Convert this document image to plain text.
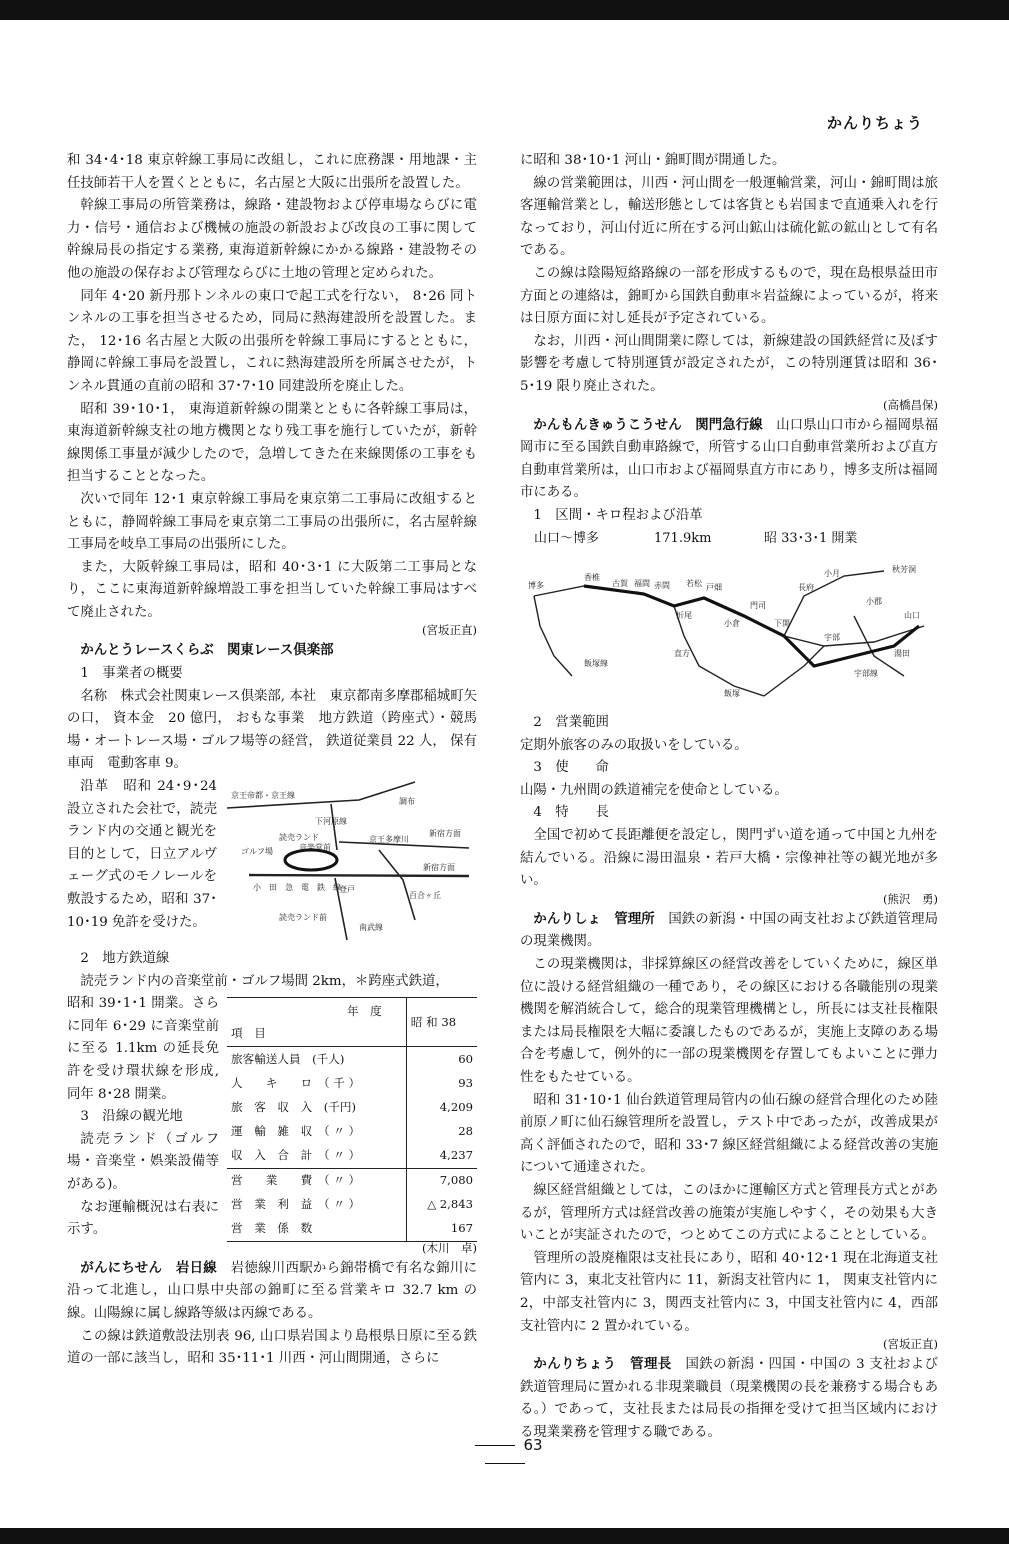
かんりちょう

和 34･4･18 東京幹線工事局に改組し，これに庶務課・用地課・主任技師若干人を置くとともに，名古屋と大阪に出張所を設置した。

幹線工事局の所管業務は，線路・建設物および停車場ならびに電力・信号・通信および機械の施設の新設および改良の工事に関して幹線局長の指定する業務, 東海道新幹線にかかる線路・建設物その他の施設の保存および管理ならびに土地の管理と定められた。

同年 4･20 新丹那トンネルの東口で起工式を行ない， 8･26 同トンネルの工事を担当させるため，同局に熱海建設所を設置した。また， 12･16 名古屋と大阪の出張所を幹線工事局にするとともに，静岡に幹線工事局を設置し，これに熱海建設所を所属させたが，トンネル貫通の直前の昭和 37･7･10 同建設所を廃止した。

昭和 39･10･1， 東海道新幹線の開業とともに各幹線工事局は，東海道新幹線支社の地方機関となり残工事を施行していたが，新幹線関係工事量が減少したので，急増してきた在来線関係の工事をも担当することとなった。

次いで同年 12･1 東京幹線工事局を東京第二工事局に改組するとともに，静岡幹線工事局を東京第二工事局の出張所に，名古屋幹線工事局を岐阜工事局の出張所にした。

また，大阪幹線工事局は，昭和 40･3･1 に大阪第二工事局となり，ここに東海道新幹線増設工事を担当していた幹線工事局はすべて廃止された。

(宮坂正直)

かんとうレースくらぶ　関東レース倶楽部

1　事業者の概要

名称　株式会社関東レース倶楽部, 本社　東京都南多摩郡稲城町矢の口， 資本金　20 億円， おもな事業　地方鉄道（跨座式）・競馬場・オートレース場・ゴルフ場等の経営， 鉄道従業員 22 人， 保有車両　電動客車 9。

沿革　昭和 24･9･24 設立された会社で，読売ランド内の交通と観光を目的として，日立アルヴェーグ式のモノレールを敷設するため，昭和 37･10･19 免許を受けた。

京王帝都・京王線
調布
下河原線
読売ランド	京王多摩川
新宿方面
ゴルフ場	音楽堂前
小　田　急　電　鉄　線
登戸
新宿方面
百合ヶ丘
読売ランド前
南武線

2　地方鉄道線

読売ランド内の音楽堂前・ゴルフ場間 2km，＊跨座式鉄道，

昭和 39･1･1 開業。さらに同年 6･29 に音楽堂前に至る 1.1km の延長免許を受け環状線を形成, 同年 8･28 開業。

3　沿線の観光地

読売ランド（ゴルフ場・音楽堂・娯楽設備等がある)。

なお運輸概況は右表に示す。

年　度
項　目	昭 和 38
旅客輸送人員　(千人)	60
人　　キ　　ロ　（ 千 ）	93
旅　客　収　入　(千円)	4,209
運　輸　雑　収　（ 〃 ）	28
収　入　合　計　（ 〃 ）	4,237
営　　業　　費　（ 〃 ）	7,080
営　業　利　益　（ 〃 ）	△ 2,843
営　業　係　数	167
(木川　卓)

がんにちせん　岩日線　 岩徳線川西駅から錦帯橋で有名な錦川に沿って北進し，山口県中央部の錦町に至る営業キロ 32.7 km の線。山陽線に属し線路等級は丙線である。

この線は鉄道敷設法別表 96, 山口県岩国より島根県日原に至る鉄道の一部に該当し，昭和 35･11･1 川西・河山間開通，さらに

に昭和 38･10･1 河山・錦町間が開通した。

線の営業範囲は，川西・河山間を一般運輸営業，河山・錦町間は旅客運輸営業とし，輸送形態としては客貨とも岩国まで直通乗入れを行なっており，河山付近に所在する河山鉱山は硫化鉱の鉱山として有名である。

この線は陰陽短絡路線の一部を形成するもので，現在島根県益田市方面との連絡は，錦町から国鉄自動車＊岩益線によっているが，将来は日原方面に対し延長が予定されている。

なお，川西・河山間開業に際しては，新線建設の国鉄経営に及ぼす影響を考慮して特別運賃が設定されたが，この特別運賃は昭和 36･5･19 限り廃止された。

(高橋昌保)

かんもんきゅうこうせん　関門急行線　 山口県山口市から福岡県福岡市に至る国鉄自動車路線で，所管する山口自動車営業所および直方自動車営業所は，山口市および福岡県直方市にあり，博多支所は福岡市にある。

1　区間・キロ程および沿革

山口～博多	171.9km	昭 33･3･1 開業
博多
香椎
古賀 福間 赤間
折尾
若松 戸畑
小倉
門司
下関
長府
小月
宇部
小郡
山口
湯田
直方
飯塚
飯塚線
宇部線
秋芳洞

2　営業範囲

定期外旅客のみの取扱いをしている。

3　使　　命

山陽・九州間の鉄道補完を使命としている。

4　特　　長

全国で初めて長距離便を設定し，関門ずい道を通って中国と九州を結んでいる。沿線に湯田温泉・若戸大橋・宗像神社等の観光地が多い。

(熊沢　勇)

かんりしょ　管理所　 国鉄の新潟・中国の両支社および鉄道管理局の現業機関。

この現業機関は，非採算線区の経営改善をしていくために，線区単位に設ける経営組織の一種であり，その線区における各職能別の現業機関を解消統合して，総合的現業管理機構とし，所長には支社長権限または局長権限を大幅に委譲したものであるが，実施上支障のある場合を考慮して，例外的に一部の現業機関を存置してもよいことに弾力性をもたせている。

昭和 31･10･1 仙台鉄道管理局管内の仙石線の経営合理化のため陸前原ノ町に仙石線管理所を設置し，テスト中であったが，改善成果が高く評価されたので，昭和 33･7 線区経営組織による経営改善の実施について通達された。

線区経営組織としては，このほかに運輸区方式と管理長方式とがあるが，管理所方式は経営改善の施策が実施しやすく，その効果も大きいことが実証されたので，つとめてこの方式によることとしている。

管理所の設廃権限は支社長にあり，昭和 40･12･1 現在北海道支社管内に 3，東北支社管内に 11，新潟支社管内に 1， 関東支社管内に 2，中部支社管内に 3，関西支社管内に 3，中国支社管内に 4，西部支社管内に 2 置かれている。

(宮坂正直)

かんりちょう　管理長　 国鉄の新潟・四国・中国の 3 支社および鉄道管理局に置かれる非現業職員（現業機関の長を兼務する場合もある。）であって，支社長または局長の指揮を受けて担当区域内における現業業務を管理する職である。

63
